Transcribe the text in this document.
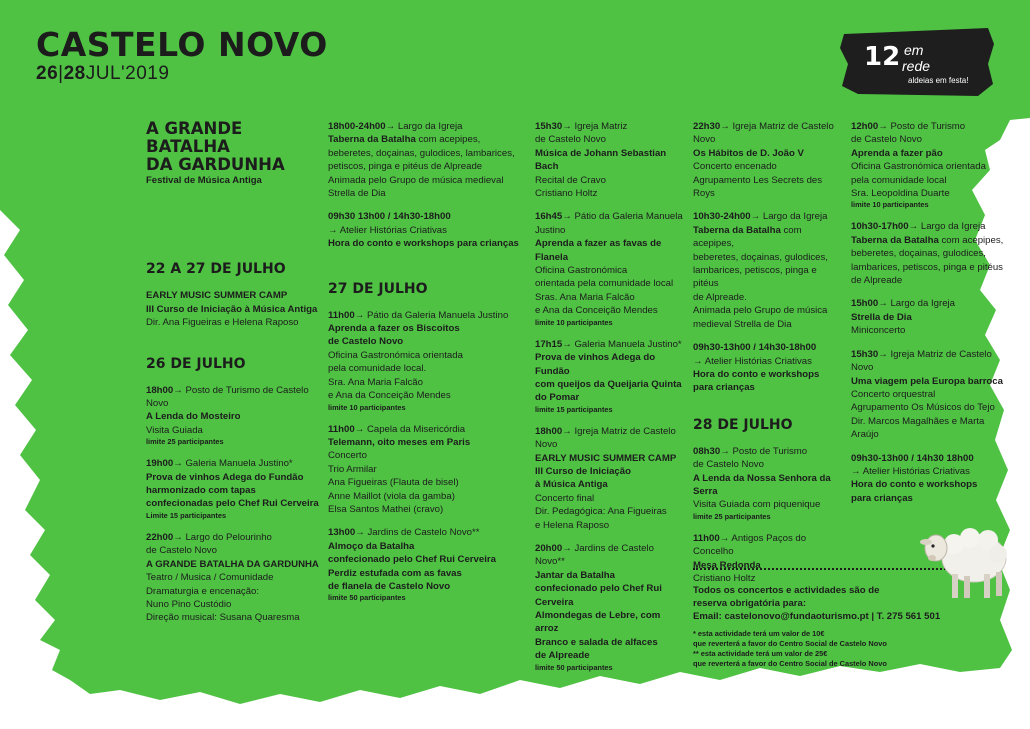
CASTELO NOVO
26|28JUL'2019
12 em
rede
aldeias em festa!
A GRANDE
BATALHA
DA GARDUNHA
Festival de Música Antiga
22 A 27 DE JULHO
EARLY MUSIC SUMMER CAMP
III Curso de Iniciação à Música Antiga
Dir. Ana Figueiras e Helena Raposo
26 DE JULHO
18h00→ Posto de Turismo de Castelo Novo
A Lenda do Mosteiro
Visita Guiada
limite 25 participantes
19h00→ Galeria Manuela Justino*
Prova de vinhos Adega do Fundão
harmonizado com tapas
confecionadas pelo Chef Rui Cerveira
Limite 15 participantes
22h00→ Largo do Pelourinho
de Castelo Novo
A GRANDE BATALHA DA GARDUNHA
Teatro / Musica / Comunidade
Dramaturgia e encenação:
Nuno Pino Custódio
Direção musical: Susana Quaresma
18h00-24h00→ Largo da Igreja
Taberna da Batalha com acepipes,
beberetes, doçainas, gulodices, lambarices,
petiscos, pinga e pitéus de Alpreade
Animada pelo Grupo de música medieval
Strella de Dia
09h30 13h00 / 14h30-18h00
→ Atelier Histórias Criativas
Hora do conto e workshops para crianças
27 DE JULHO
11h00→ Pátio da Galeria Manuela Justino
Aprenda a fazer os Biscoitos
de Castelo Novo
Oficina Gastronómica orientada
pela comunidade local.
Sra. Ana Maria Falcão
e Ana da Conceição Mendes
limite 10 participantes
11h00→ Capela da Misericórdia
Telemann, oito meses em Paris
Concerto
Trio Armilar
Ana Figueiras (Flauta de bisel)
Anne Maillot (viola da gamba)
Elsa Santos Mathei (cravo)
13h00→ Jardins de Castelo Novo**
Almoço da Batalha
confecionado pelo Chef Rui Cerveira
Perdiz estufada com as favas
de flanela de Castelo Novo
limite 50 participantes
15h30→ Igreja Matriz
de Castelo Novo
Música de Johann Sebastian Bach
Recital de Cravo
Cristiano Holtz
16h45→ Pátio da Galeria Manuela
Justino
Aprenda a fazer as favas de Flanela
Oficina Gastronómica
orientada pela comunidade local
Sras. Ana Maria Falcão
e Ana da Conceição Mendes
limite 10 participantes
17h15→ Galeria Manuela Justino*
Prova de vinhos Adega do Fundão
com queijos da Queijaria Quinta
do Pomar
limite 15 participantes
18h00→ Igreja Matriz de Castelo Novo
EARLY MUSIC SUMMER CAMP
III Curso de Iniciação
à Música Antiga
Concerto final
Dir. Pedagógica: Ana Figueiras
e Helena Raposo
20h00→ Jardins de Castelo Novo**
Jantar da Batalha
confecionado pelo Chef Rui
Cerveira
Almondegas de Lebre, com arroz
Branco e salada de alfaces
de Alpreade
limite 50 participantes
22h30→ Igreja Matriz de Castelo Novo
Os Hábitos de D. João V
Concerto encenado
Agrupamento Les Secrets des Roys
10h30-24h00→ Largo da Igreja
Taberna da Batalha com acepipes,
beberetes, doçainas, gulodices,
lambarices, petiscos, pinga e pitéus
de Alpreade.
Animada pelo Grupo de música
medieval Strella de Dia
09h30-13h00 / 14h30-18h00
→ Atelier Histórias Criativas
Hora do conto e workshops
para crianças
28 DE JULHO
08h30→ Posto de Turismo
de Castelo Novo
A Lenda da Nossa Senhora da Serra
Visita Guiada com piquenique
limite 25 participantes
11h00→ Antigos Paços do Concelho
Mesa Redonda
Cristiano Holtz
Todos os concertos e actividades são de
reserva obrigatória para:
Email: castelonovo@fundaoturismo.pt | T. 275 561 501
* esta actividade terá um valor de 10€
que reverterá a favor do Centro Social de Castelo Novo
** esta actividade terá um valor de 25€
que reverterá a favor do Centro Social de Castelo Novo
12h00→ Posto de Turismo
de Castelo Novo
Aprenda a fazer pão
Oficina Gastronómica orientada
pela comunidade local
Sra. Leopoldina Duarte
limite 10 participantes
10h30-17h00→ Largo da Igreja
Taberna da Batalha com acepipes,
beberetes, doçainas, gulodices,
lambarices, petiscos, pinga e pitéus
de Alpreade
15h00→ Largo da Igreja
Strella de Dia
Miniconcerto
15h30→ Igreja Matriz de Castelo Novo
Uma viagem pela Europa barroca
Concerto orquestral
Agrupamento Os Músicos do Tejo
Dir. Marcos Magalhães e Marta Araújo
09h30-13h00 / 14h30 18h00
→ Atelier Histórias Criativas
Hora do conto e workshops
para crianças
